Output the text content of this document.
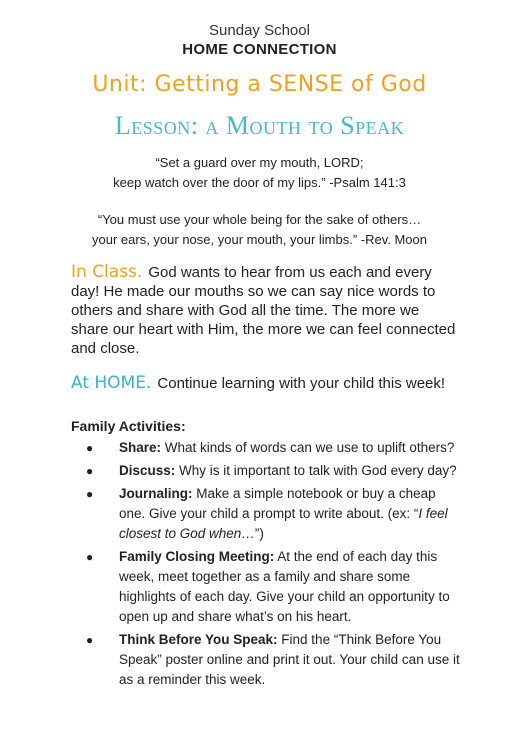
Sunday School
HOME CONNECTION
Unit: Getting a SENSE of God
Lesson: a Mouth to Speak
“Set a guard over my mouth, LORD;
keep watch over the door of my lips.” -Psalm 141:3
“You must use your whole being for the sake of others…
your ears, your nose, your mouth, your limbs.” -Rev. Moon
In Class. God wants to hear from us each and every day! He made our mouths so we can say nice words to others and share with God all the time. The more we share our heart with Him, the more we can feel connected and close.
At HOME. Continue learning with your child this week!
Family Activities:
● Share: What kinds of words can we use to uplift others?
● Discuss: Why is it important to talk with God every day?
● Journaling: Make a simple notebook or buy a cheap one. Give your child a prompt to write about. (ex: “I feel closest to God when…”)
● Family Closing Meeting: At the end of each day this week, meet together as a family and share some highlights of each day. Give your child an opportunity to open up and share what’s on his heart.
● Think Before You Speak: Find the “Think Before You Speak” poster online and print it out. Your child can use it as a reminder this week.
